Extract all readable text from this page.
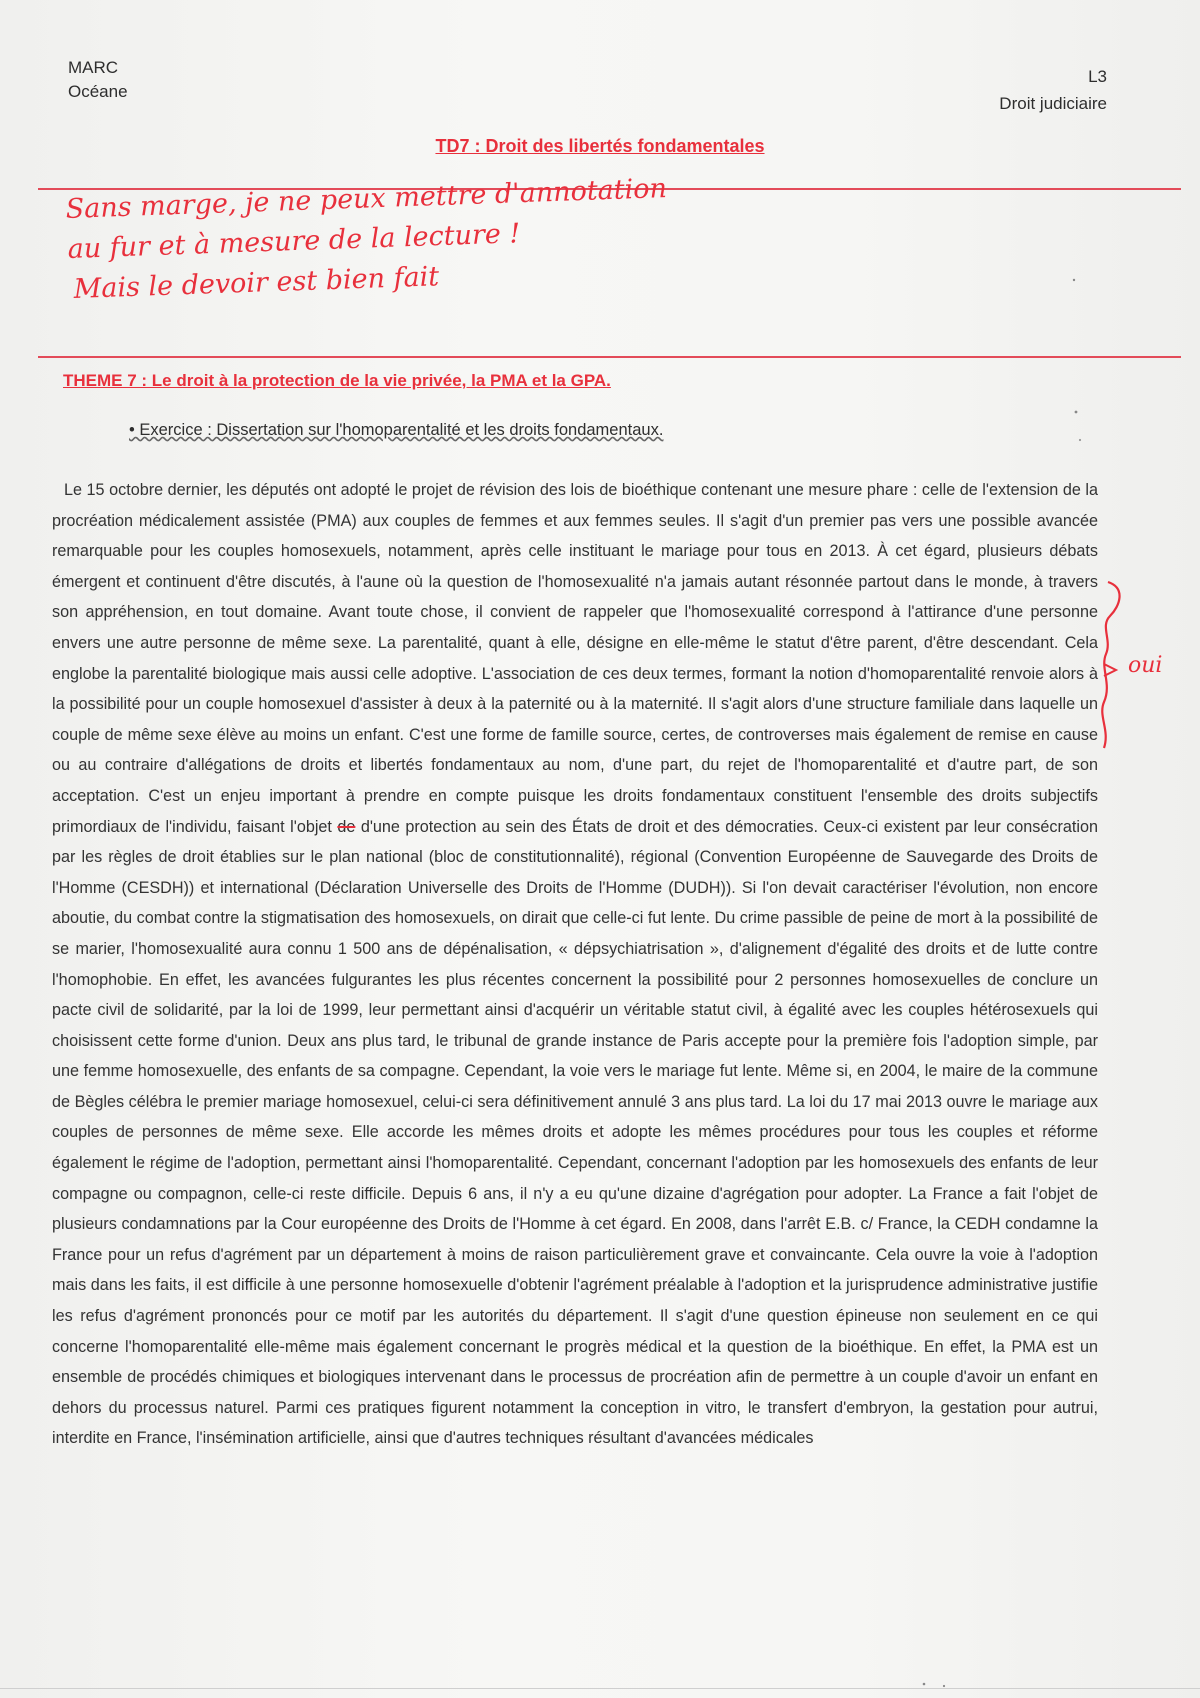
MARC
Océane
L3
Droit judiciaire
TD7 : Droit des libertés fondamentales
Sans marge, je ne peux mettre d'annotation
au fur et à mesure de la lecture !
Mais le devoir est bien fait
oui
THEME 7 : Le droit à la protection de la vie privée, la PMA et la GPA.
• Exercice : Dissertation sur l'homoparentalité et les droits fondamentaux.

Le 15 octobre dernier, les députés ont adopté le projet de révision des lois de bioéthique contenant une mesure phare : celle de l'extension de la procréation médicalement assistée (PMA) aux couples de femmes et aux femmes seules. Il s'agit d'un premier pas vers une possible avancée remarquable pour les couples homosexuels, notamment, après celle instituant le mariage pour tous en 2013. À cet égard, plusieurs débats émergent et continuent d'être discutés, à l'aune où la question de l'homosexualité n'a jamais autant résonnée partout dans le monde, à travers son appréhension, en tout domaine. Avant toute chose, il convient de rappeler que l'homosexualité correspond à l'attirance d'une personne envers une autre personne de même sexe. La parentalité, quant à elle, désigne en elle-même le statut d'être parent, d'être descendant. Cela englobe la parentalité biologique mais aussi celle adoptive. L'association de ces deux termes, formant la notion d'homoparentalité renvoie alors à la possibilité pour un couple homosexuel d'assister à deux à la paternité ou à la maternité. Il s'agit alors d'une structure familiale dans laquelle un couple de même sexe élève au moins un enfant. C'est une forme de famille source, certes, de controverses mais également de remise en cause ou au contraire d'allégations de droits et libertés fondamentaux au nom, d'une part, du rejet de l'homoparentalité et d'autre part, de son acceptation. C'est un enjeu important à prendre en compte puisque les droits fondamentaux constituent l'ensemble des droits subjectifs primordiaux de l'individu, faisant l'objet de d'une protection au sein des États de droit et des démocraties. Ceux-ci existent par leur consécration par les règles de droit établies sur le plan national (bloc de constitutionnalité), régional (Convention Européenne de Sauvegarde des Droits de l'Homme (CESDH)) et international (Déclaration Universelle des Droits de l'Homme (DUDH)). Si l'on devait caractériser l'évolution, non encore aboutie, du combat contre la stigmatisation des homosexuels, on dirait que celle-ci fut lente. Du crime passible de peine de mort à la possibilité de se marier, l'homosexualité aura connu 1 500 ans de dépénalisation, « dépsychiatrisation », d'alignement d'égalité des droits et de lutte contre l'homophobie. En effet, les avancées fulgurantes les plus récentes concernent la possibilité pour 2 personnes homosexuelles de conclure un pacte civil de solidarité, par la loi de 1999, leur permettant ainsi d'acquérir un véritable statut civil, à égalité avec les couples hétérosexuels qui choisissent cette forme d'union. Deux ans plus tard, le tribunal de grande instance de Paris accepte pour la première fois l'adoption simple, par une femme homosexuelle, des enfants de sa compagne. Cependant, la voie vers le mariage fut lente. Même si, en 2004, le maire de la commune de Bègles célébra le premier mariage homosexuel, celui-ci sera définitivement annulé 3 ans plus tard. La loi du 17 mai 2013 ouvre le mariage aux couples de personnes de même sexe. Elle accorde les mêmes droits et adopte les mêmes procédures pour tous les couples et réforme également le régime de l'adoption, permettant ainsi l'homoparentalité. Cependant, concernant l'adoption par les homosexuels des enfants de leur compagne ou compagnon, celle-ci reste difficile. Depuis 6 ans, il n'y a eu qu'une dizaine d'agrégation pour adopter. La France a fait l'objet de plusieurs condamnations par la Cour européenne des Droits de l'Homme à cet égard. En 2008, dans l'arrêt E.B. c/ France, la CEDH condamne la France pour un refus d'agrément par un département à moins de raison particulièrement grave et convaincante. Cela ouvre la voie à l'adoption mais dans les faits, il est difficile à une personne homosexuelle d'obtenir l'agrément préalable à l'adoption et la jurisprudence administrative justifie les refus d'agrément prononcés pour ce motif par les autorités du département. Il s'agit d'une question épineuse non seulement en ce qui concerne l'homoparentalité elle-même mais également concernant le progrès médical et la question de la bioéthique. En effet, la PMA est un ensemble de procédés chimiques et biologiques intervenant dans le processus de procréation afin de permettre à un couple d'avoir un enfant en dehors du processus naturel. Parmi ces pratiques figurent notamment la conception in vitro, le transfert d'embryon, la gestation pour autrui, interdite en France, l'insémination artificielle, ainsi que d'autres techniques résultant d'avancées médicales
